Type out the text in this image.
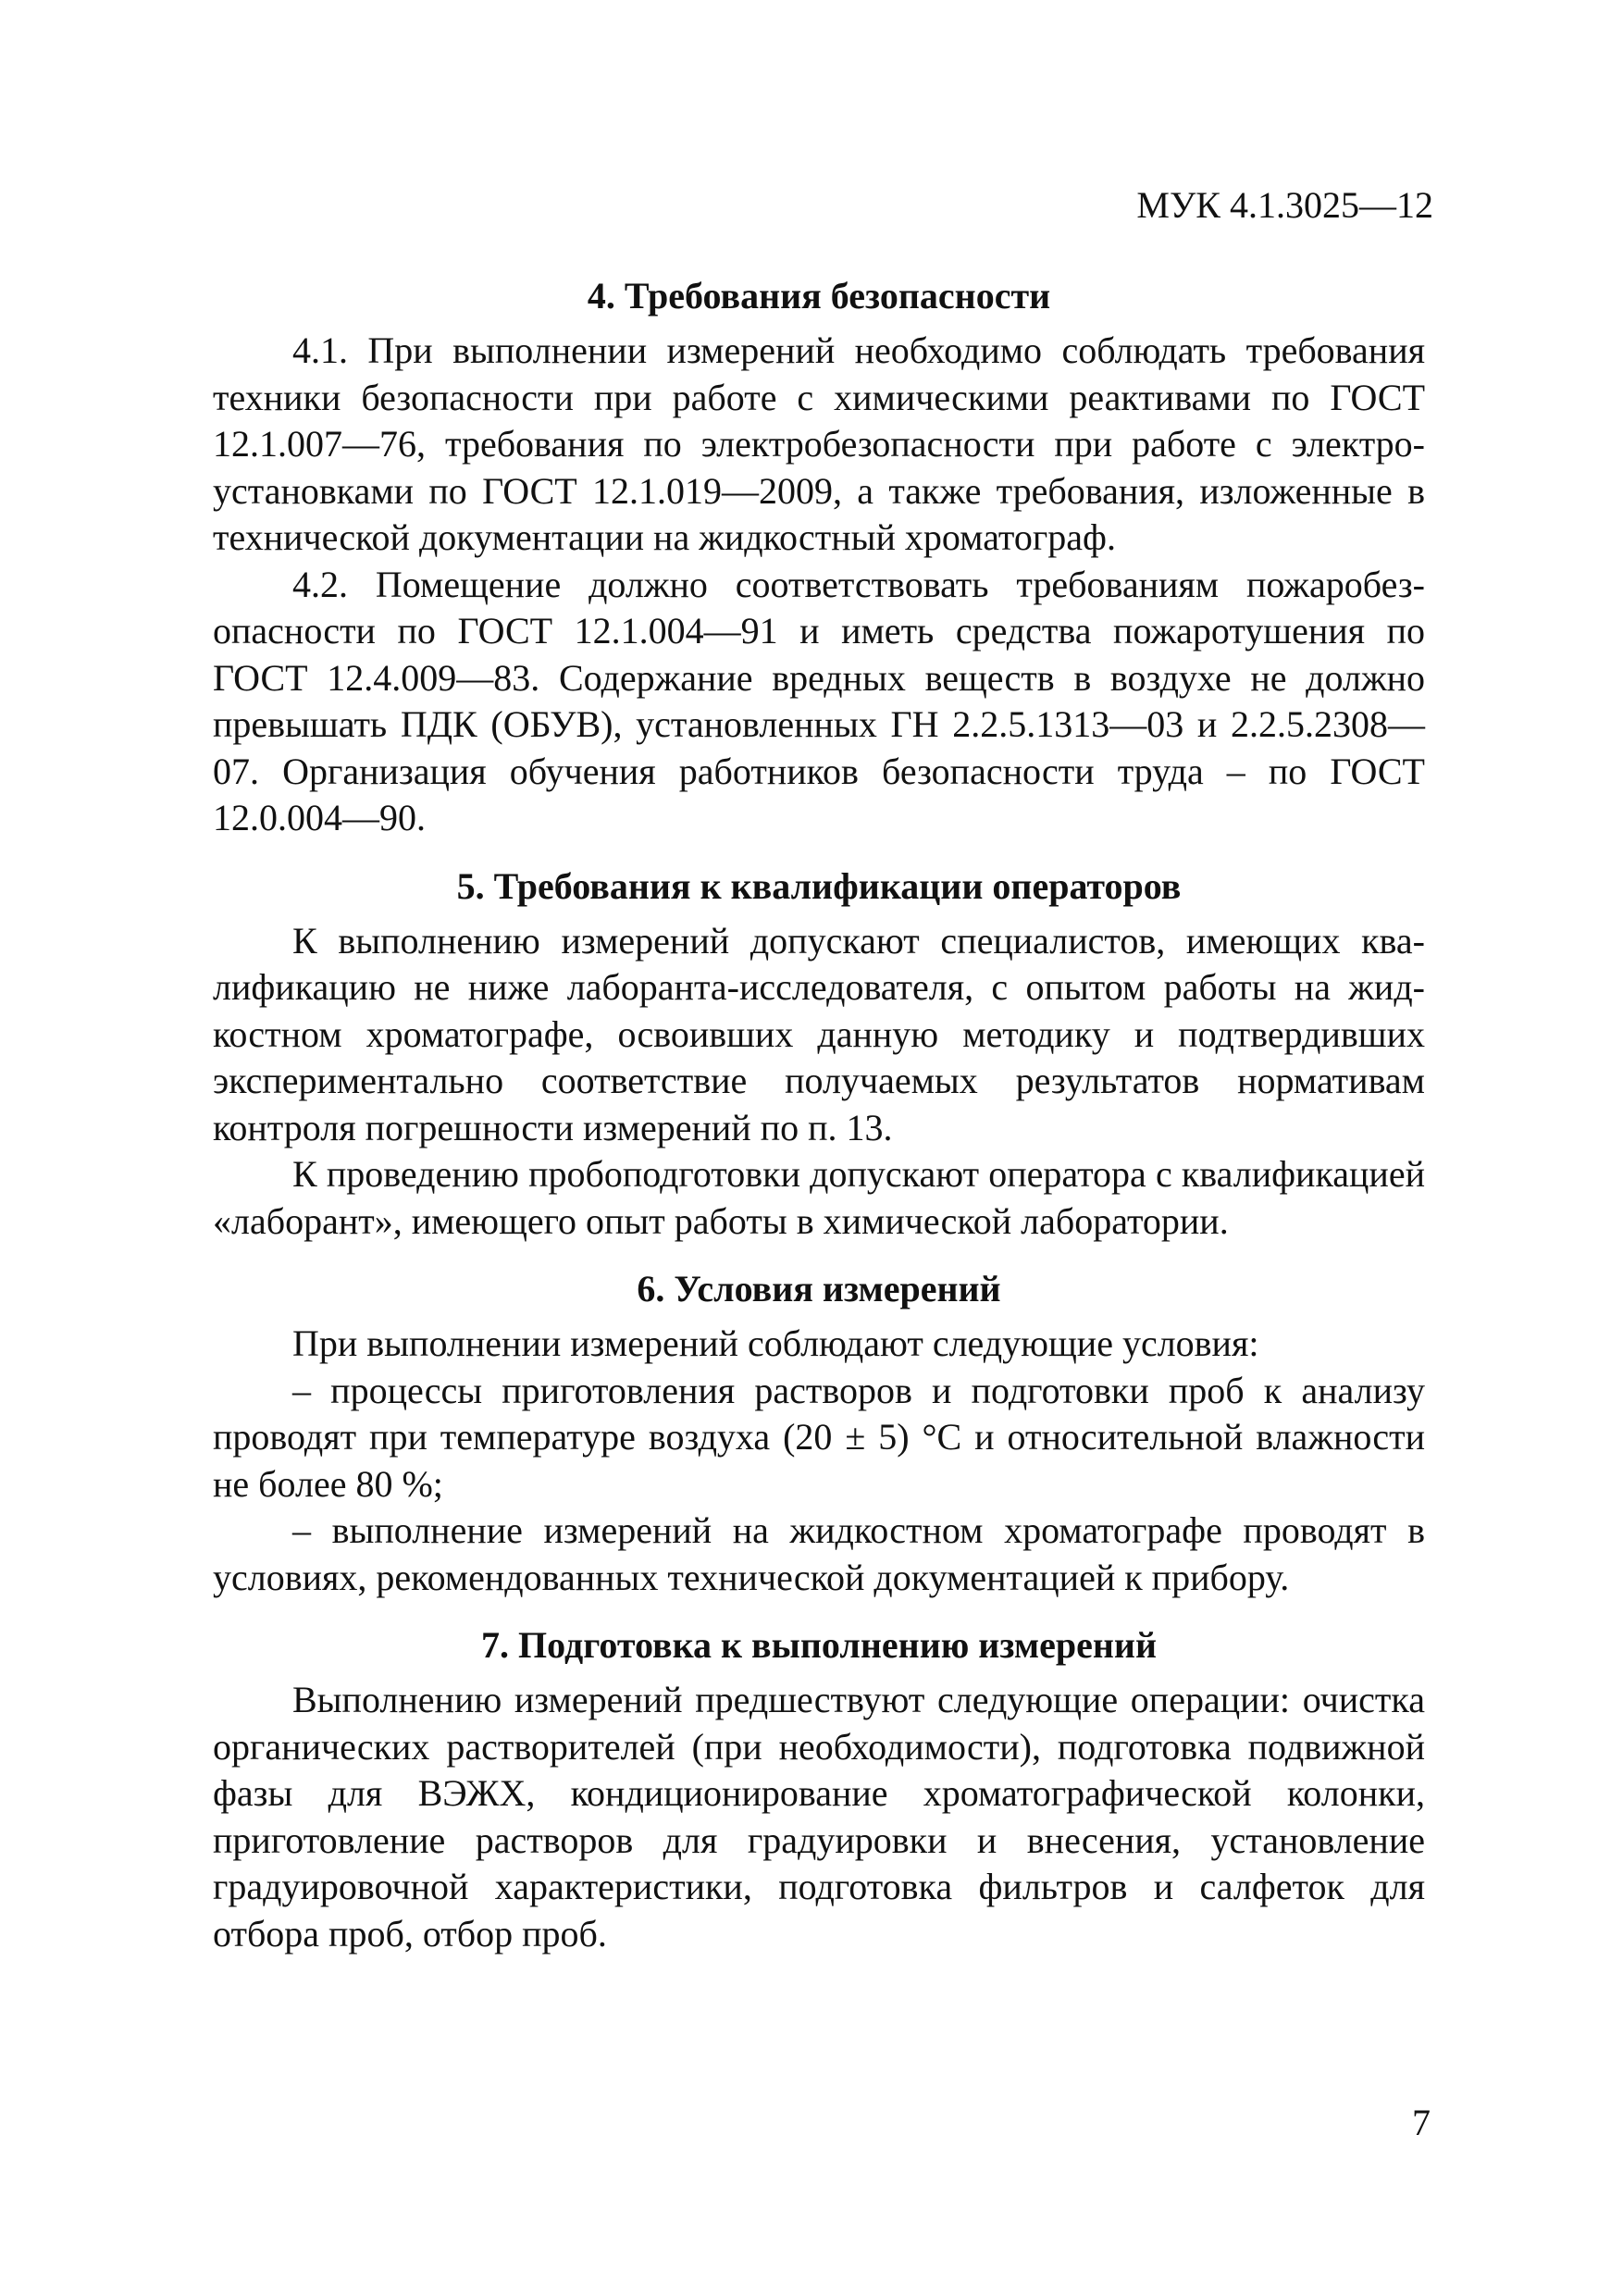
МУК 4.1.3025—12
4. Требования безопасности

4.1. При выполнении измерений необходимо соблюдать требования техники безопасности при работе с химическими реактивами по ГОСТ 12.1.007—76, требования по электробезопасности при работе с электроустановками по ГОСТ 12.1.019—2009, а также требования, изложенные в технической документации на жидкостный хроматограф.

4.2. Помещение должно соответствовать требованиям пожаробезопасности по ГОСТ 12.1.004—91 и иметь средства пожаротушения по ГОСТ 12.4.009—83. Содержание вредных веществ в воздухе не должно превышать ПДК (ОБУВ), установленных ГН 2.2.5.1313—03 и 2.2.5.2308—07. Организация обучения работников безопасности труда – по ГОСТ 12.0.004—90.

5. Требования к квалификации операторов

К выполнению измерений допускают специалистов, имеющих квалификацию не ниже лаборанта-исследователя, с опытом работы на жидкостном хроматографе, освоивших данную методику и подтвердивших экспериментально соответствие получаемых результатов нормативам контроля погрешности измерений по п. 13.

К проведению пробоподготовки допускают оператора с квалификацией «лаборант», имеющего опыт работы в химической лаборатории.

6. Условия измерений

При выполнении измерений соблюдают следующие условия:

– процессы приготовления растворов и подготовки проб к анализу проводят при температуре воздуха (20 ± 5) °С и относительной влажности не более 80 %;

– выполнение измерений на жидкостном хроматографе проводят в условиях, рекомендованных технической документацией к прибору.

7. Подготовка к выполнению измерений

Выполнению измерений предшествуют следующие операции: очистка органических растворителей (при необходимости), подготовка подвижной фазы для ВЭЖХ, кондиционирование хроматографической колонки, приготовление растворов для градуировки и внесения, установление градуировочной характеристики, подготовка фильтров и салфеток для отбора проб, отбор проб.

7
